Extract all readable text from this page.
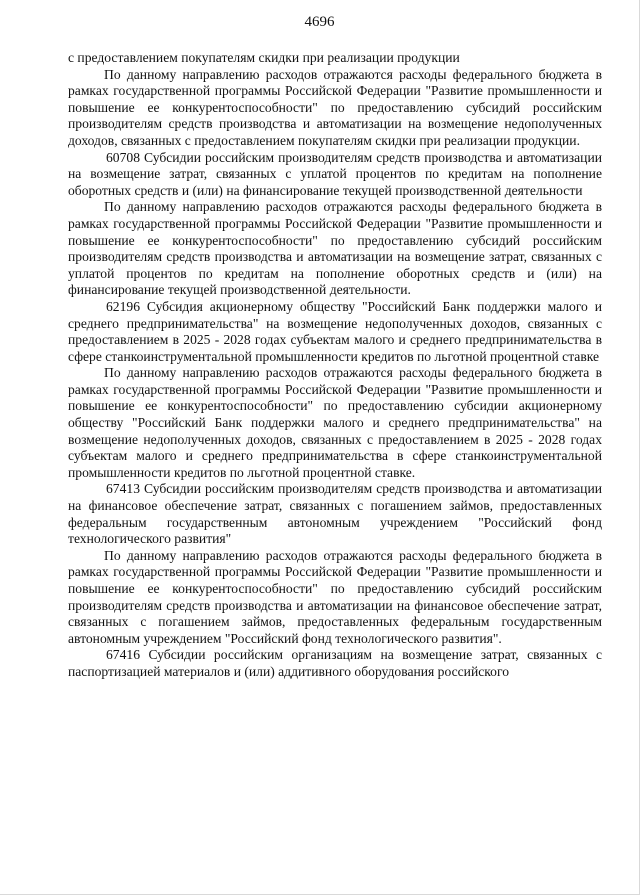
4696

с предоставлением покупателям скидки при реализации продукции

По данному направлению расходов отражаются расходы федерального бюджета в рамках государственной программы Российской Федерации "Развитие промышленности и повышение ее конкурентоспособности" по предоставлению субсидий российским производителям средств производства и автоматизации на возмещение недополученных доходов, связанных с предоставлением покупателям скидки при реализации продукции.

60708 Субсидии российским производителям средств производства и автоматизации на возмещение затрат, связанных с уплатой процентов по кредитам на пополнение оборотных средств и (или) на финансирование текущей производственной деятельности

По данному направлению расходов отражаются расходы федерального бюджета в рамках государственной программы Российской Федерации "Развитие промышленности и повышение ее конкурентоспособности" по предоставлению субсидий российским производителям средств производства и автоматизации на возмещение затрат, связанных с уплатой процентов по кредитам на пополнение оборотных средств и (или) на финансирование текущей производственной деятельности.

62196 Субсидия акционерному обществу "Российский Банк поддержки малого и среднего предпринимательства" на возмещение недополученных доходов, связанных с предоставлением в 2025 - 2028 годах субъектам малого и среднего предпринимательства в сфере станкоинструментальной промышленности кредитов по льготной процентной ставке

По данному направлению расходов отражаются расходы федерального бюджета в рамках государственной программы Российской Федерации "Развитие промышленности и повышение ее конкурентоспособности" по предоставлению субсидии акционерному обществу "Российский Банк поддержки малого и среднего предпринимательства" на возмещение недополученных доходов, связанных с предоставлением в 2025 - 2028 годах субъектам малого и среднего предпринимательства в сфере станкоинструментальной промышленности кредитов по льготной процентной ставке.

67413 Субсидии российским производителям средств производства и автоматизации на финансовое обеспечение затрат, связанных с погашением займов, предоставленных федеральным государственным автономным учреждением "Российский фонд технологического развития"

По данному направлению расходов отражаются расходы федерального бюджета в рамках государственной программы Российской Федерации "Развитие промышленности и повышение ее конкурентоспособности" по предоставлению субсидий российским производителям средств производства и автоматизации на финансовое обеспечение затрат, связанных с погашением займов, предоставленных федеральным государственным автономным учреждением "Российский фонд технологического развития".

67416 Субсидии российским организациям на возмещение затрат, связанных с паспортизацией материалов и (или) аддитивного оборудования российского
